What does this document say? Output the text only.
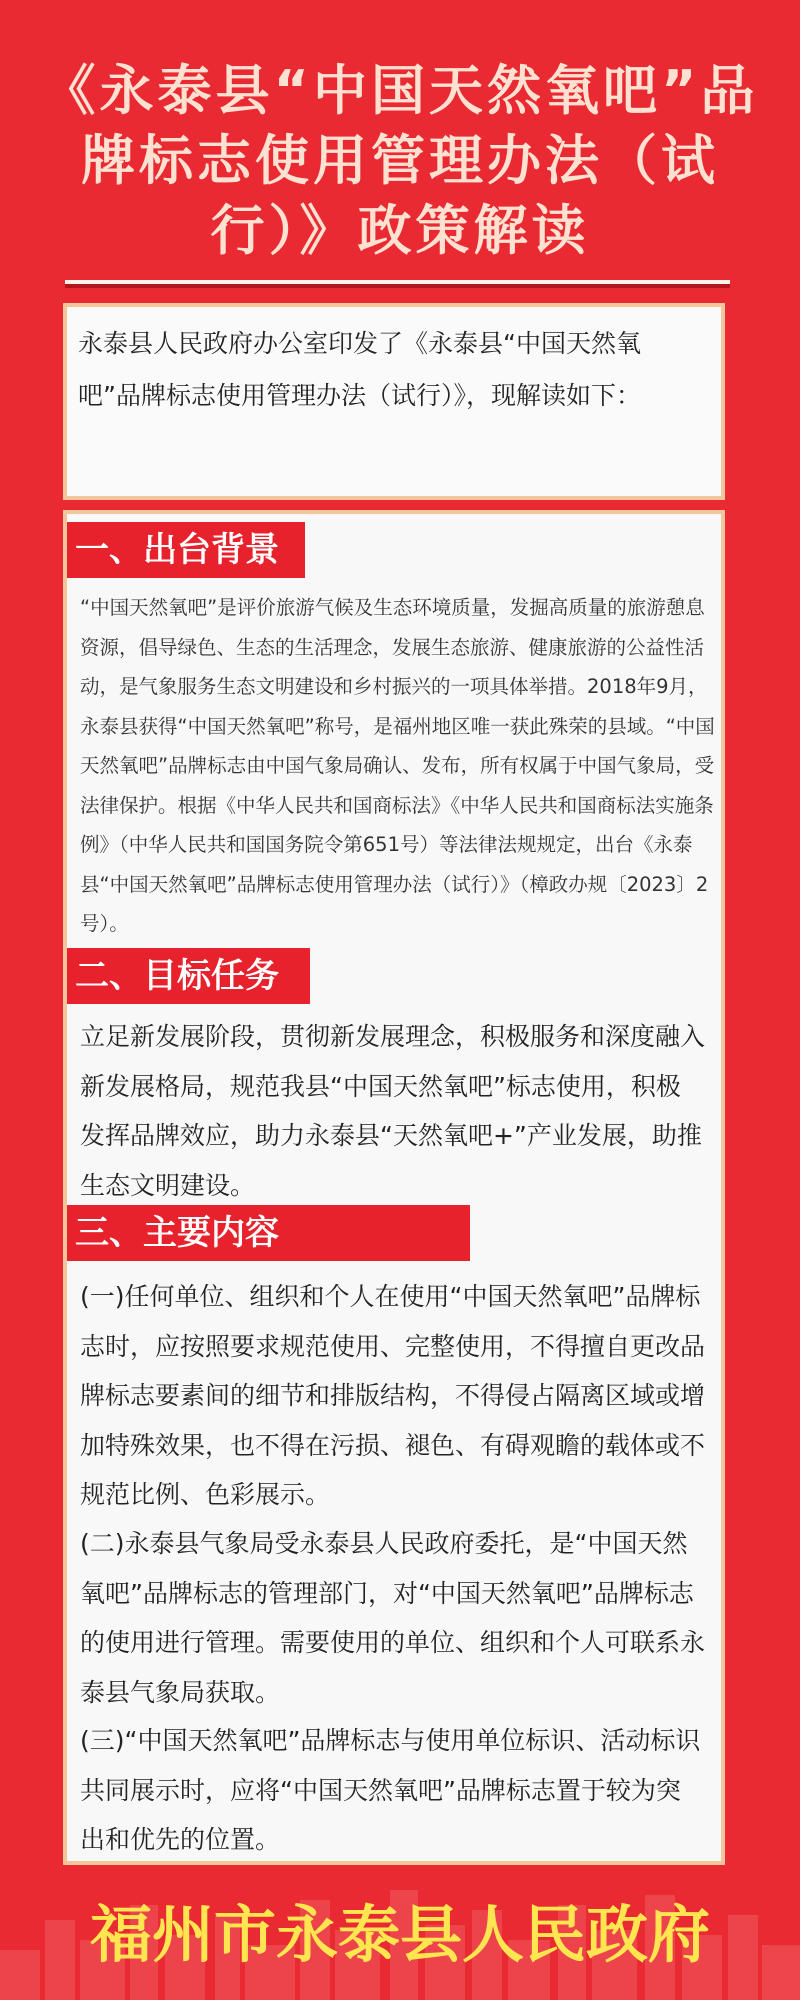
《永泰县“中国天然氧吧”品牌标志使用管理办法（试行）》政策解读

永泰县人民政府办公室印发了《永泰县“中国天然氧吧”品牌标志使用管理办法（试行）》，现解读如下：

一、出台背景

“中国天然氧吧”是评价旅游气候及生态环境质量，发掘高质量的旅游憩息资源，倡导绿色、生态的生活理念，发展生态旅游、健康旅游的公益性活动，是气象服务生态文明建设和乡村振兴的一项具体举措。2018年9月，永泰县获得“中国天然氧吧”称号，是福州地区唯一获此殊荣的县域。“中国天然氧吧”品牌标志由中国气象局确认、发布，所有权属于中国气象局，受法律保护。根据《中华人民共和国商标法》《中华人民共和国商标法实施条例》（中华人民共和国国务院令第651号）等法律法规规定，出台《永泰县“中国天然氧吧”品牌标志使用管理办法（试行）》（樟政办规〔2023〕2号）。

二、目标任务

立足新发展阶段，贯彻新发展理念，积极服务和深度融入新发展格局，规范我县“中国天然氧吧”标志使用，积极发挥品牌效应，助力永泰县“天然氧吧+”产业发展，助推生态文明建设。

三、主要内容

(一)任何单位、组织和个人在使用“中国天然氧吧”品牌标志时，应按照要求规范使用、完整使用，不得擅自更改品牌标志要素间的细节和排版结构，不得侵占隔离区域或增加特殊效果，也不得在污损、褪色、有碍观瞻的载体或不规范比例、色彩展示。

(二)永泰县气象局受永泰县人民政府委托，是“中国天然氧吧”品牌标志的管理部门，对“中国天然氧吧”品牌标志的使用进行管理。需要使用的单位、组织和个人可联系永泰县气象局获取。

(三)“中国天然氧吧”品牌标志与使用单位标识、活动标识共同展示时，应将“中国天然氧吧”品牌标志置于较为突出和优先的位置。

福州市永泰县人民政府
